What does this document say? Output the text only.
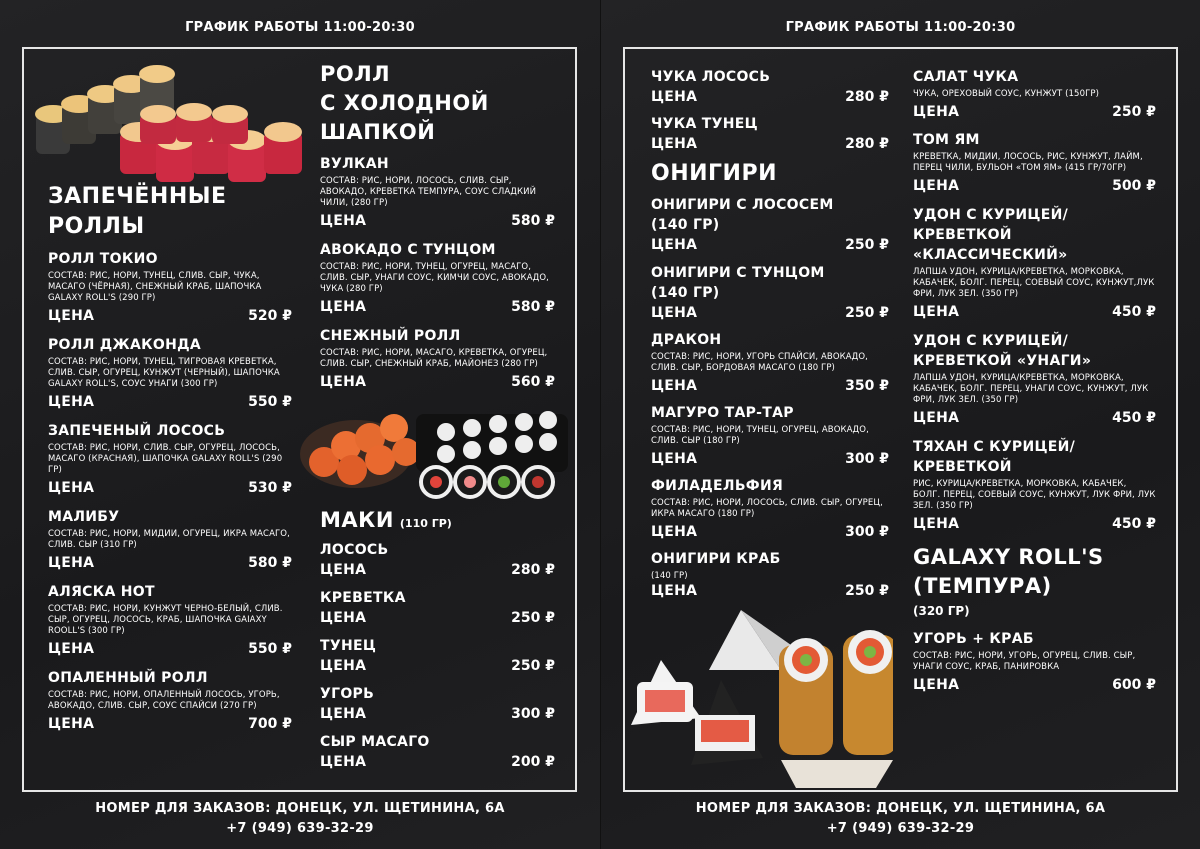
ГРАФИК РАБОТЫ 11:00-20:30
ЗАПЕЧЁННЫЕ
РОЛЛЫ
РОЛЛ ТОКИО
СОСТАВ: РИС, НОРИ, ТУНЕЦ, СЛИВ. СЫР, ЧУКА, МАСАГО (ЧЁРНАЯ), СНЕЖНЫЙ КРАБ, ШАПОЧКА GALAXY ROLL'S (290 ГР)
ЦЕНА	520 ₽
РОЛЛ ДЖАКОНДА
СОСТАВ: РИС, НОРИ, ТУНЕЦ, ТИГРОВАЯ КРЕВЕТКА, СЛИВ. СЫР, ОГУРЕЦ, КУНЖУТ (ЧЕРНЫЙ), ШАПОЧКА GALAXY ROLL'S, СОУС УНАГИ (300 ГР)
ЦЕНА	550 ₽
ЗАПЕЧЕНЫЙ ЛОСОСЬ
СОСТАВ: РИС, НОРИ, СЛИВ. СЫР, ОГУРЕЦ, ЛОСОСЬ, МАСАГО (КРАСНАЯ), ШАПОЧКА GALAXY ROLL'S (290 ГР)
ЦЕНА	530 ₽
МАЛИБУ
СОСТАВ: РИС, НОРИ, МИДИИ, ОГУРЕЦ, ИКРА МАСАГО, СЛИВ. СЫР (310 ГР)
ЦЕНА	580 ₽
АЛЯСКА HOT
СОСТАВ: РИС, НОРИ, КУНЖУТ ЧЕРНО-БЕЛЫЙ, СЛИВ. СЫР, ОГУРЕЦ, ЛОСОСЬ, КРАБ, ШАПОЧКА GAIAXY ROOLL'S (300 ГР)
ЦЕНА	550 ₽
ОПАЛЕННЫЙ РОЛЛ
СОСТАВ: РИС, НОРИ, ОПАЛЕННЫЙ ЛОСОСЬ, УГОРЬ, АВОКАДО, СЛИВ. СЫР, СОУС СПАЙСИ (270 ГР)
ЦЕНА	700 ₽
РОЛЛ
С ХОЛОДНОЙ
ШАПКОЙ
ВУЛКАН
СОСТАВ: РИС, НОРИ, ЛОСОСЬ, СЛИВ. СЫР, АВОКАДО, КРЕВЕТКА ТЕМПУРА, СОУС СЛАДКИЙ ЧИЛИ, (280 ГР)
ЦЕНА	580 ₽
АВОКАДО С ТУНЦОМ
СОСТАВ: РИС, НОРИ, ТУНЕЦ, ОГУРЕЦ, МАСАГО, СЛИВ. СЫР, УНАГИ СОУС, КИМЧИ СОУС, АВОКАДО, ЧУКА (280 ГР)
ЦЕНА	580 ₽
СНЕЖНЫЙ РОЛЛ
СОСТАВ: РИС, НОРИ, МАСАГО, КРЕВЕТКА, ОГУРЕЦ, СЛИВ. СЫР, СНЕЖНЫЙ КРАБ, МАЙОНЕЗ (280 ГР)
ЦЕНА	560 ₽
МАКИ (110 ГР)
ЛОСОСЬ
ЦЕНА	280 ₽
КРЕВЕТКА
ЦЕНА	250 ₽
ТУНЕЦ
ЦЕНА	250 ₽
УГОРЬ
ЦЕНА	300 ₽
СЫР МАСАГО
ЦЕНА	200 ₽
НОМЕР ДЛЯ ЗАКАЗОВ: ДОНЕЦК, УЛ. ЩЕТИНИНА, 6А
+7 (949) 639-32-29
ГРАФИК РАБОТЫ 11:00-20:30
ЧУКА ЛОСОСЬ
ЦЕНА	280 ₽
ЧУКА ТУНЕЦ
ЦЕНА	280 ₽
ОНИГИРИ
ОНИГИРИ С ЛОСОСЕМ
(140 ГР)
ЦЕНА	250 ₽
ОНИГИРИ С ТУНЦОМ
(140 ГР)
ЦЕНА	250 ₽
ДРАКОН
СОСТАВ: РИС, НОРИ, УГОРЬ СПАЙСИ, АВОКАДО, СЛИВ. СЫР, БОРДОВАЯ МАСАГО (180 ГР)
ЦЕНА	350 ₽
МАГУРО ТАР-ТАР
СОСТАВ: РИС, НОРИ, ТУНЕЦ, ОГУРЕЦ, АВОКАДО, СЛИВ. СЫР (180 ГР)
ЦЕНА	300 ₽
ФИЛАДЕЛЬФИЯ
СОСТАВ: РИС, НОРИ, ЛОСОСЬ, СЛИВ. СЫР, ОГУРЕЦ, ИКРА МАСАГО (180 ГР)
ЦЕНА	300 ₽
ОНИГИРИ КРАБ
(140 ГР)
ЦЕНА	250 ₽
САЛАТ ЧУКА
ЧУКА, ОРЕХОВЫЙ СОУС, КУНЖУТ (150ГР)
ЦЕНА	250 ₽
ТОМ ЯМ
КРЕВЕТКА, МИДИИ, ЛОСОСЬ, РИС, КУНЖУТ, ЛАЙМ, ПЕРЕЦ ЧИЛИ, БУЛЬОН «ТОМ ЯМ» (415 ГР/70ГР)
ЦЕНА	500 ₽
УДОН С КУРИЦЕЙ/
КРЕВЕТКОЙ
«КЛАССИЧЕСКИЙ»
ЛАПША УДОН, КУРИЦА/КРЕВЕТКА, МОРКОВКА, КАБАЧЕК, БОЛГ. ПЕРЕЦ, СОЕВЫЙ СОУС, КУНЖУТ,ЛУК ФРИ, ЛУК ЗЕЛ. (350 ГР)
ЦЕНА	450 ₽
УДОН С КУРИЦЕЙ/
КРЕВЕТКОЙ «УНАГИ»
ЛАПША УДОН, КУРИЦА/КРЕВЕТКА, МОРКОВКА, КАБАЧЕК, БОЛГ. ПЕРЕЦ, УНАГИ СОУС, КУНЖУТ, ЛУК ФРИ, ЛУК ЗЕЛ. (350 ГР)
ЦЕНА	450 ₽
ТЯХАН С КУРИЦЕЙ/
КРЕВЕТКОЙ
РИС, КУРИЦА/КРЕВЕТКА, МОРКОВКА, КАБАЧЕК, БОЛГ. ПЕРЕЦ, СОЕВЫЙ СОУС, КУНЖУТ, ЛУК ФРИ, ЛУК ЗЕЛ. (350 ГР)
ЦЕНА	450 ₽
GALAXY ROLL'S
(ТЕМПУРА)
(320 ГР)
УГОРЬ + КРАБ
СОСТАВ: РИС, НОРИ, УГОРЬ, ОГУРЕЦ, СЛИВ. СЫР, УНАГИ СОУС, КРАБ, ПАНИРОВКА
ЦЕНА	600 ₽
НОМЕР ДЛЯ ЗАКАЗОВ: ДОНЕЦК, УЛ. ЩЕТИНИНА, 6А
+7 (949) 639-32-29
